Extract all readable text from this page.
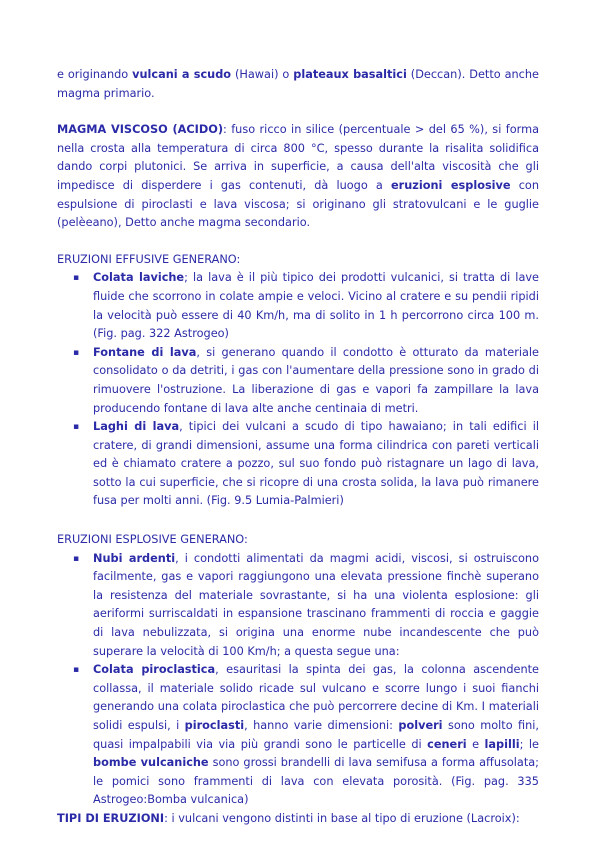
e originando vulcani a scudo (Hawai) o plateaux basaltici (Deccan). Detto anche magma primario.

MAGMA VISCOSO (ACIDO): fuso ricco in silice (percentuale > del 65 %), si forma nella crosta alla temperatura di circa 800 °C, spesso durante la risalita solidifica dando corpi plutonici. Se arriva in superficie, a causa dell'alta viscosità che gli impedisce di disperdere i gas contenuti, dà luogo a eruzioni esplosive con espulsione di piroclasti e lava viscosa; si originano gli stratovulcani e le guglie (pelèeano), Detto anche magma secondario.

ERUZIONI EFFUSIVE GENERANO:

▪ Colata laviche; la lava è il più tipico dei prodotti vulcanici, si tratta di lave fluide che scorrono in colate ampie e veloci. Vicino al cratere e su pendii ripidi la velocità può essere di 40 Km/h, ma di solito in 1 h percorrono circa 100 m. (Fig. pag. 322 Astrogeo)
▪ Fontane di lava, si generano quando il condotto è otturato da materiale consolidato o da detriti, i gas con l'aumentare della pressione sono in grado di rimuovere l'ostruzione. La liberazione di gas e vapori fa zampillare la lava producendo fontane di lava alte anche centinaia di metri.
▪ Laghi di lava, tipici dei vulcani a scudo di tipo hawaiano; in tali edifici il cratere, di grandi dimensioni, assume una forma cilindrica con pareti verticali ed è chiamato cratere a pozzo, sul suo fondo può ristagnare un lago di lava, sotto la cui superficie, che si ricopre di una crosta solida, la lava può rimanere fusa per molti anni. (Fig. 9.5 Lumia-Palmieri)

ERUZIONI ESPLOSIVE GENERANO:

▪ Nubi ardenti, i condotti alimentati da magmi acidi, viscosi, si ostruiscono facilmente, gas e vapori raggiungono una elevata pressione finchè superano la resistenza del materiale sovrastante, si ha una violenta esplosione: gli aeriformi surriscaldati in espansione trascinano frammenti di roccia e gaggie di lava nebulizzata, si origina una enorme nube incandescente che può superare la velocità di 100 Km/h; a questa segue una:
▪ Colata piroclastica, esauritasi la spinta dei gas, la colonna ascendente collassa, il materiale solido ricade sul vulcano e scorre lungo i suoi fianchi generando una colata piroclastica che può percorrere decine di Km. I materiali solidi espulsi, i piroclasti, hanno varie dimensioni: polveri sono molto fini, quasi impalpabili via via più grandi sono le particelle di ceneri e lapilli; le bombe vulcaniche sono grossi brandelli di lava semifusa a forma affusolata; le pomici sono frammenti di lava con elevata porosità. (Fig. pag. 335 Astrogeo:Bomba vulcanica)

TIPI DI ERUZIONI: i vulcani vengono distinti in base al tipo di eruzione (Lacroix):
